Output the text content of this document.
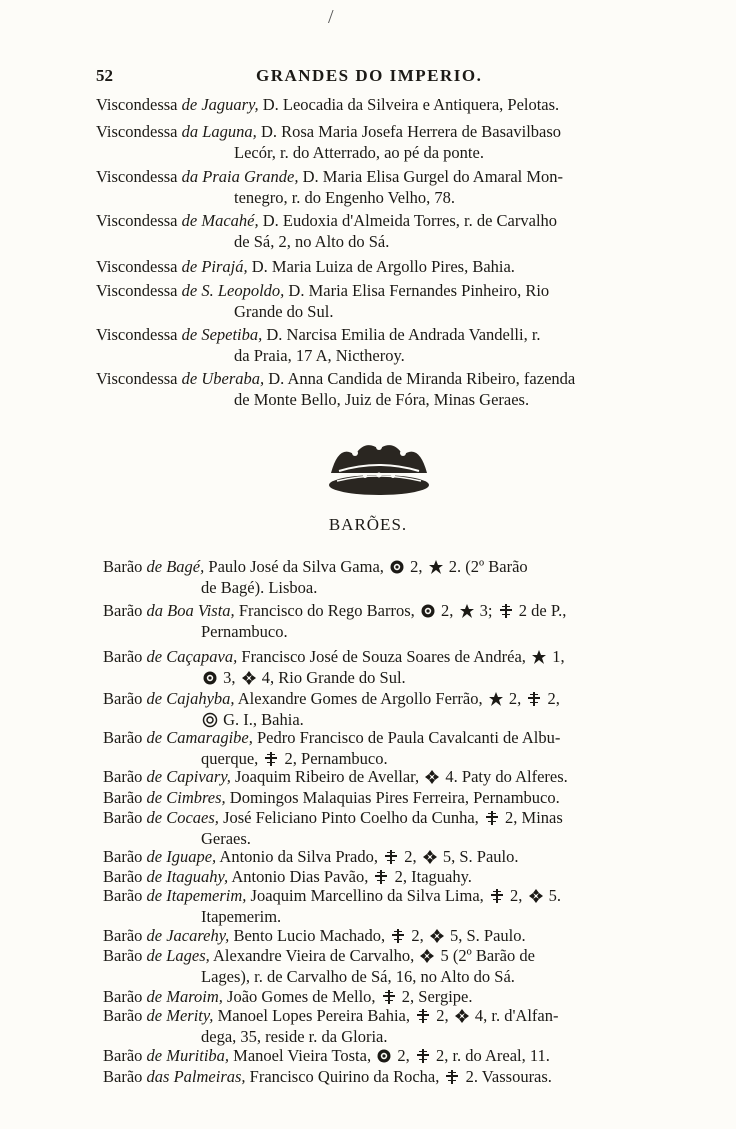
/
52	GRANDES DO IMPERIO.
Viscondessa de Jaguary, D. Leocadia da Silveira e Antiquera, Pelotas.
Viscondessa da Laguna, D. Rosa Maria Josefa Herrera de Basavilbaso
Lecór, r. do Atterrado, ao pé da ponte.
Viscondessa da Praia Grande, D. Maria Elisa Gurgel do Amaral Mon-
tenegro, r. do Engenho Velho, 78.
Viscondessa de Macahé, D. Eudoxia d'Almeida Torres, r. de Carvalho
de Sá, 2, no Alto do Sá.
Viscondessa de Pirajá, D. Maria Luiza de Argollo Pires, Bahia.
Viscondessa de S. Leopoldo, D. Maria Elisa Fernandes Pinheiro, Rio
Grande do Sul.
Viscondessa de Sepetiba, D. Narcisa Emilia de Andrada Vandelli, r.
da Praia, 17 A, Nictheroy.
Viscondessa de Uberaba, D. Anna Candida de Miranda Ribeiro, fazenda
de Monte Bello, Juiz de Fóra, Minas Geraes.
BARÕES.
Barão de Bagé, Paulo José da Silva Gama, 2, 2. (2º Barão
de Bagé). Lisboa.
Barão da Boa Vista, Francisco do Rego Barros, 2, 3; 2 de P.,
Pernambuco.
Barão de Caçapava, Francisco José de Souza Soares de Andréa, 1,
3, 4, Rio Grande do Sul.
Barão de Cajahyba, Alexandre Gomes de Argollo Ferrão, 2, 2,
G. I., Bahia.
Barão de Camaragibe, Pedro Francisco de Paula Cavalcanti de Albu-
querque, 2, Pernambuco.
Barão de Capivary, Joaquim Ribeiro de Avellar, 4. Paty do Alferes.
Barão de Cimbres, Domingos Malaquias Pires Ferreira, Pernambuco.
Barão de Cocaes, José Feliciano Pinto Coelho da Cunha, 2, Minas
Geraes.
Barão de Iguape, Antonio da Silva Prado, 2, 5, S. Paulo.
Barão de Itaguahy, Antonio Dias Pavão, 2, Itaguahy.
Barão de Itapemerim, Joaquim Marcellino da Silva Lima, 2, 5.
Itapemerim.
Barão de Jacarehy, Bento Lucio Machado, 2, 5, S. Paulo.
Barão de Lages, Alexandre Vieira de Carvalho, 5 (2º Barão de
Lages), r. de Carvalho de Sá, 16, no Alto do Sá.
Barão de Maroim, João Gomes de Mello, 2, Sergipe.
Barão de Merity, Manoel Lopes Pereira Bahia, 2, 4, r. d'Alfan-
dega, 35, reside r. da Gloria.
Barão de Muritiba, Manoel Vieira Tosta, 2, 2, r. do Areal, 11.
Barão das Palmeiras, Francisco Quirino da Rocha, 2. Vassouras.
